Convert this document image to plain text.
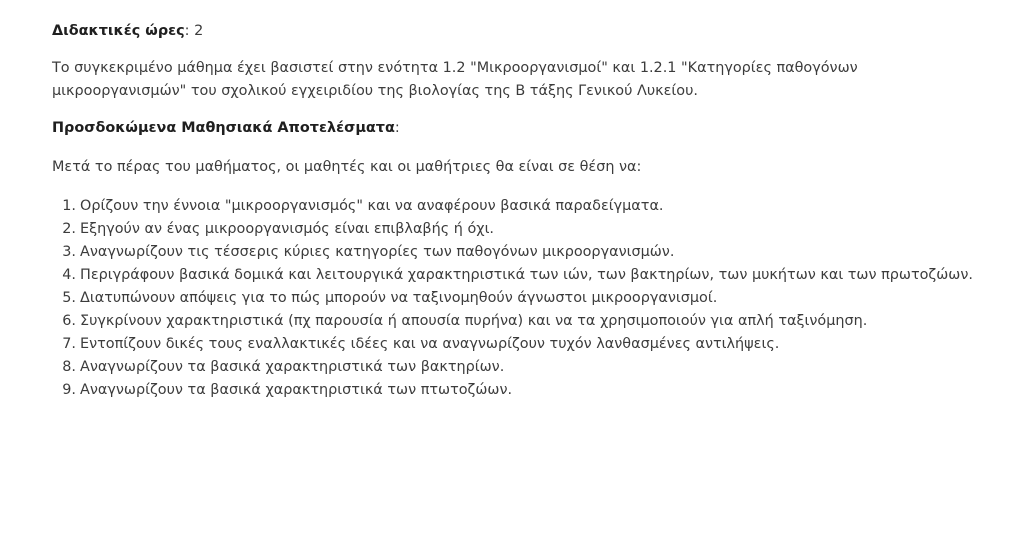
Διδακτικές ώρες: 2

Το συγκεκριμένο μάθημα έχει βασιστεί στην ενότητα 1.2 "Μικροοργανισμοί" και 1.2.1 "Κατηγορίες παθογόνων μικροοργανισμών" του σχολικού εγχειριδίου της βιολογίας της Β τάξης Γενικού Λυκείου.

Προσδοκώμενα Μαθησιακά Αποτελέσματα:

Μετά το πέρας του μαθήματος, οι μαθητές και οι μαθήτριες θα είναι σε θέση να:

1. Ορίζουν την έννοια "μικροοργανισμός" και να αναφέρουν βασικά παραδείγματα.
2. Εξηγούν αν ένας μικροοργανισμός είναι επιβλαβής ή όχι.
3. Αναγνωρίζουν τις τέσσερις κύριες κατηγορίες των παθογόνων μικροοργανισμών.
4. Περιγράφουν βασικά δομικά και λειτουργικά χαρακτηριστικά των ιών, των βακτηρίων, των μυκήτων και των πρωτοζώων.
5. Διατυπώνουν απόψεις για το πώς μπορούν να ταξινομηθούν άγνωστοι μικροοργανισμοί.
6. Συγκρίνουν χαρακτηριστικά (πχ παρουσία ή απουσία πυρήνα) και να τα χρησιμοποιούν για απλή ταξινόμηση.
7. Εντοπίζουν δικές τους εναλλακτικές ιδέες και να αναγνωρίζουν τυχόν λανθασμένες αντιλήψεις.
8. Αναγνωρίζουν τα βασικά χαρακτηριστικά των βακτηρίων.
9. Αναγνωρίζουν τα βασικά χαρακτηριστικά των πτωτοζώων.
